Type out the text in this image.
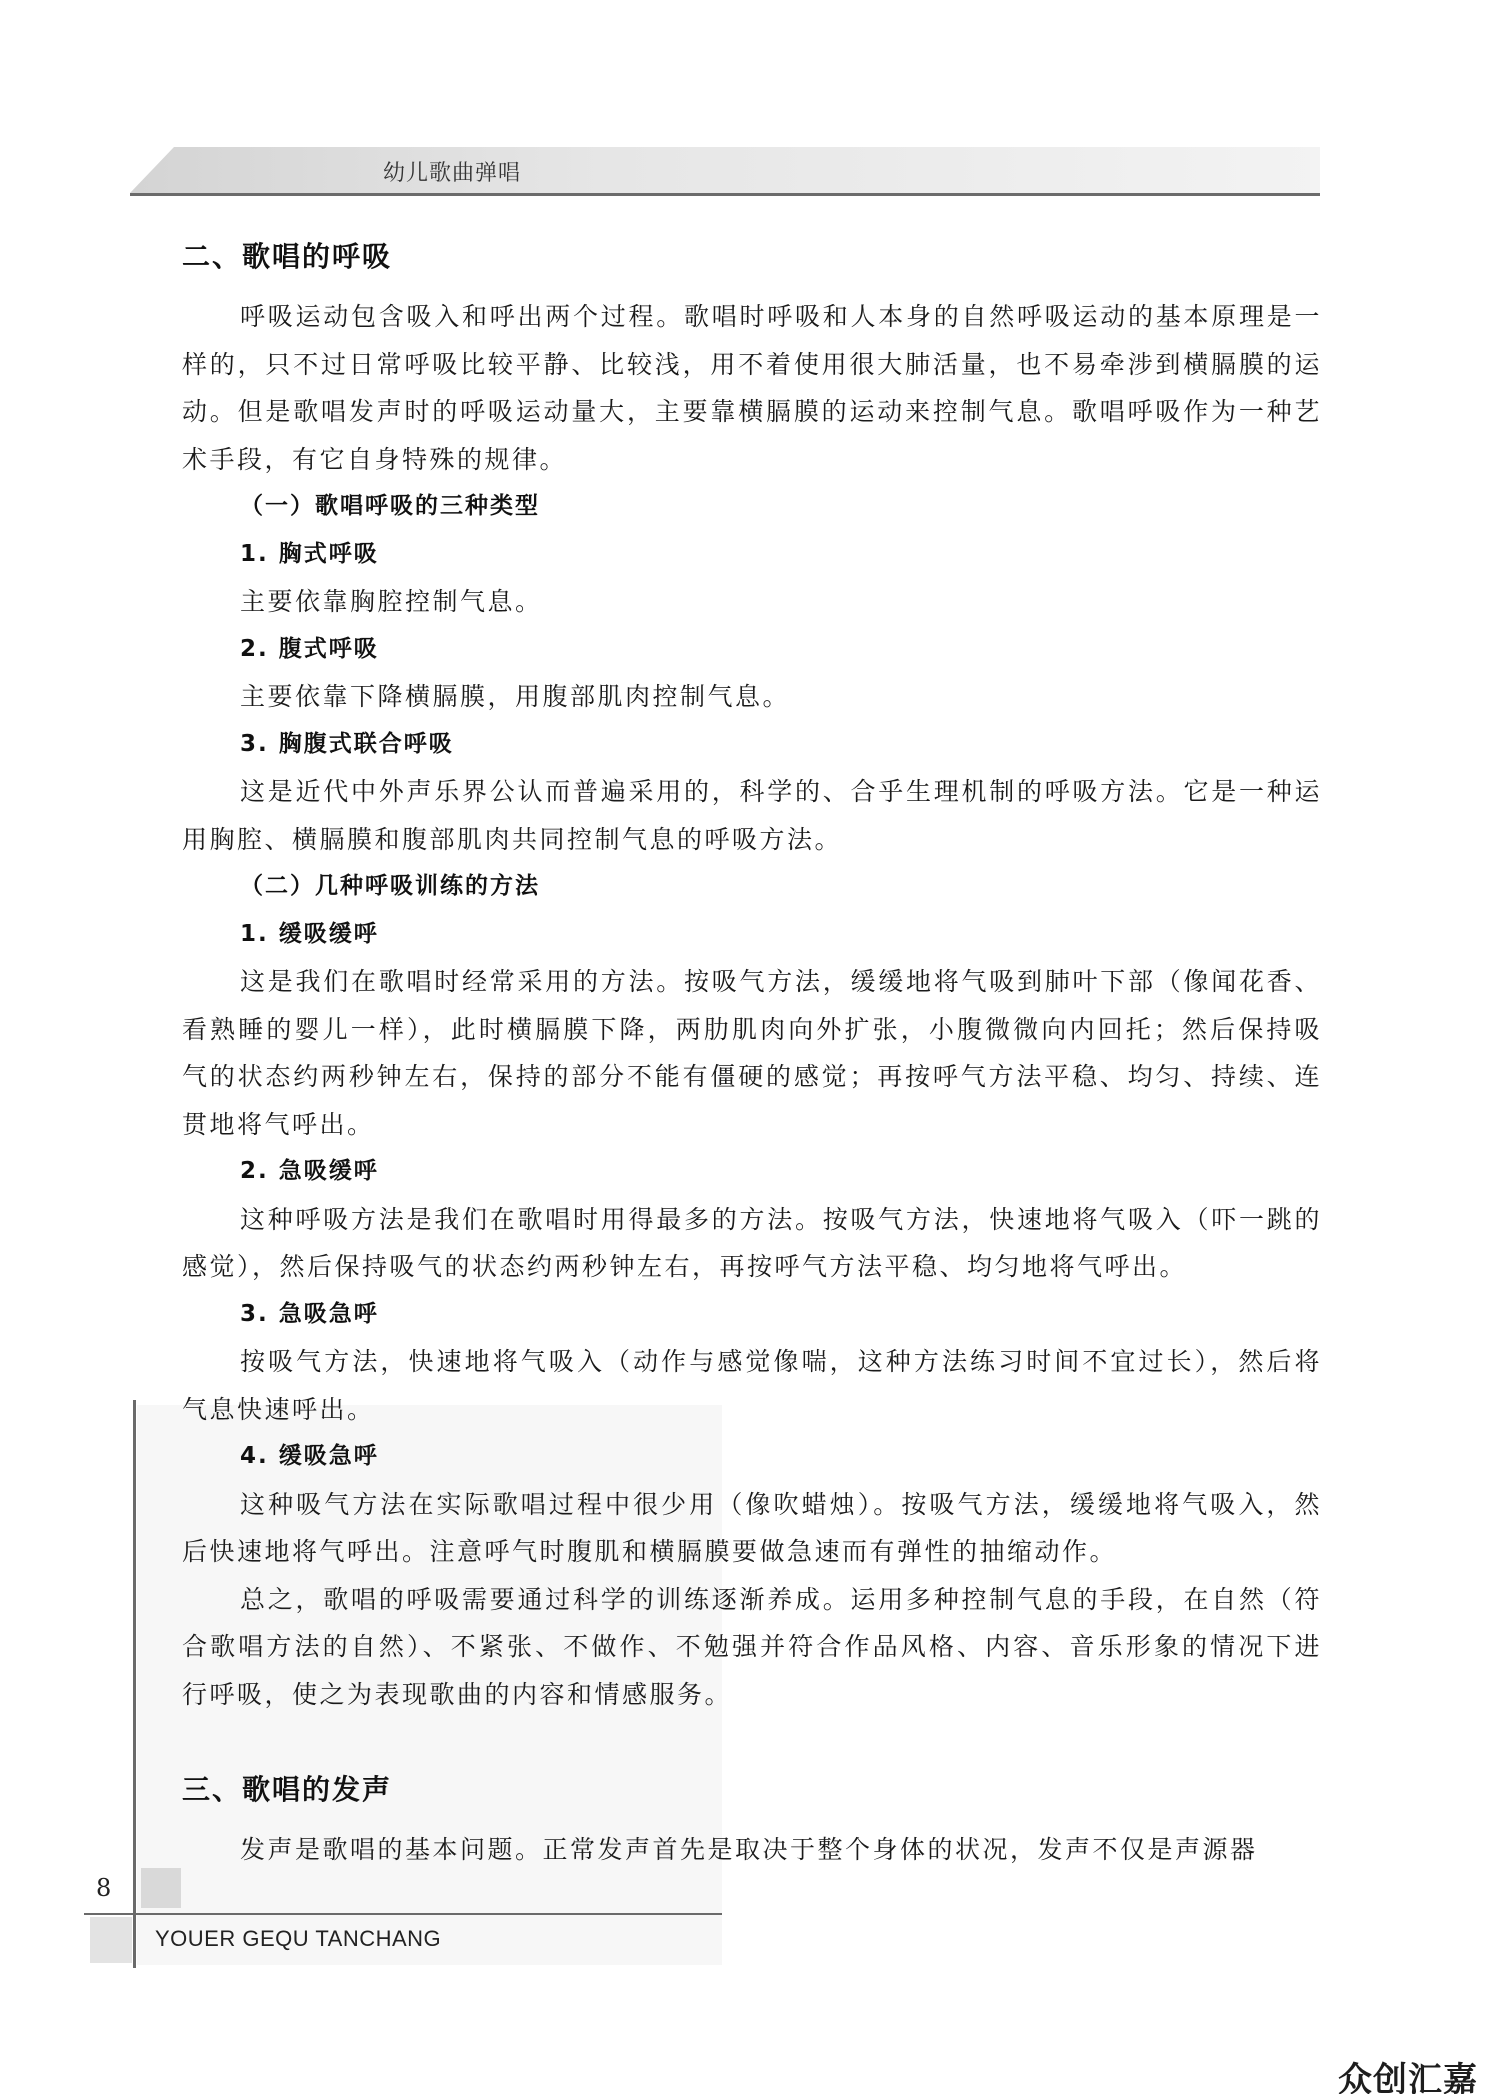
幼儿歌曲弹唱
8
YOUER GEQU TANCHANG
二、歌唱的呼吸

呼吸运动包含吸入和呼出两个过程。歌唱时呼吸和人本身的自然呼吸运动的基本原理是一样的，只不过日常呼吸比较平静、比较浅，用不着使用很大肺活量，也不易牵涉到横膈膜的运动。但是歌唱发声时的呼吸运动量大，主要靠横膈膜的运动来控制气息。歌唱呼吸作为一种艺术手段，有它自身特殊的规律。

（一）歌唱呼吸的三种类型
1. 胸式呼吸

主要依靠胸腔控制气息。

2. 腹式呼吸

主要依靠下降横膈膜，用腹部肌肉控制气息。

3. 胸腹式联合呼吸

这是近代中外声乐界公认而普遍采用的，科学的、合乎生理机制的呼吸方法。它是一种运用胸腔、横膈膜和腹部肌肉共同控制气息的呼吸方法。

（二）几种呼吸训练的方法
1. 缓吸缓呼

这是我们在歌唱时经常采用的方法。按吸气方法，缓缓地将气吸到肺叶下部（像闻花香、看熟睡的婴儿一样），此时横膈膜下降，两肋肌肉向外扩张，小腹微微向内回托；然后保持吸气的状态约两秒钟左右，保持的部分不能有僵硬的感觉；再按呼气方法平稳、均匀、持续、连贯地将气呼出。

2. 急吸缓呼

这种呼吸方法是我们在歌唱时用得最多的方法。按吸气方法，快速地将气吸入（吓一跳的感觉），然后保持吸气的状态约两秒钟左右，再按呼气方法平稳、均匀地将气呼出。

3. 急吸急呼

按吸气方法，快速地将气吸入（动作与感觉像喘，这种方法练习时间不宜过长），然后将气息快速呼出。

4. 缓吸急呼

这种吸气方法在实际歌唱过程中很少用（像吹蜡烛）。按吸气方法，缓缓地将气吸入，然后快速地将气呼出。注意呼气时腹肌和横膈膜要做急速而有弹性的抽缩动作。

总之，歌唱的呼吸需要通过科学的训练逐渐养成。运用多种控制气息的手段，在自然（符合歌唱方法的自然）、不紧张、不做作、不勉强并符合作品风格、内容、音乐形象的情况下进行呼吸，使之为表现歌曲的内容和情感服务。

三、歌唱的发声

发声是歌唱的基本问题。正常发声首先是取决于整个身体的状况，发声不仅是声源器

众创汇嘉
